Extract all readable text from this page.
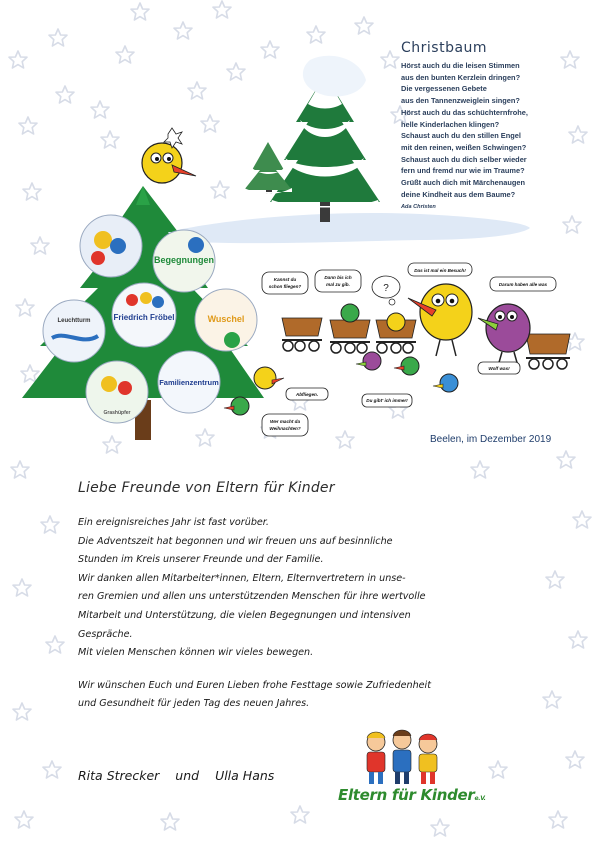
Begegnungen
Friedrich Fröbel	Wuschel
Leuchtturm
Familienzentrum
Grashüpfer
Kannst du
schon fliegen?
Dann bis ich
mal zu gib.
Das ist mal ein Besuch!
Darum haben alle was
Wolf was!
Du gibt' ich immer!
Abfliegen.
Wer macht da
Weihnachten?
?
Christbaum
Hörst auch du die leisen Stimmen
aus den bunten Kerzlein dringen?
Die vergessenen Gebete
aus den Tannenzweiglein singen?
Hörst auch du das schüchternfrohe,
helle Kinderlachen klingen?
Schaust auch du den stillen Engel
mit den reinen, weißen Schwingen?
Schaust auch du dich selber wieder
fern und fremd nur wie im Traume?
Grüßt auch dich mit Märchenaugen
deine Kindheit aus dem Baume?
Ada Christen
Beelen, im Dezember 2019
Liebe Freunde von Eltern für Kinder
Ein ereignisreiches Jahr ist fast vorüber.
Die Adventszeit hat begonnen und wir freuen uns auf besinnliche
Stunden im Kreis unserer Freunde und der Familie.
Wir danken allen Mitarbeiter*innen, Eltern, Elternvertretern in unse-
ren Gremien und allen uns unterstützenden Menschen für ihre wertvolle
Mitarbeit und Unterstützung, die vielen Begegnungen und intensiven
Gespräche.
Mit vielen Menschen können wir vieles bewegen.
Wir wünschen Euch und Euren Lieben frohe Festtage sowie Zufriedenheit
und Gesundheit für jeden Tag des neuen Jahres.
Rita Strecker und Ulla Hans
Eltern für Kindere.V.
